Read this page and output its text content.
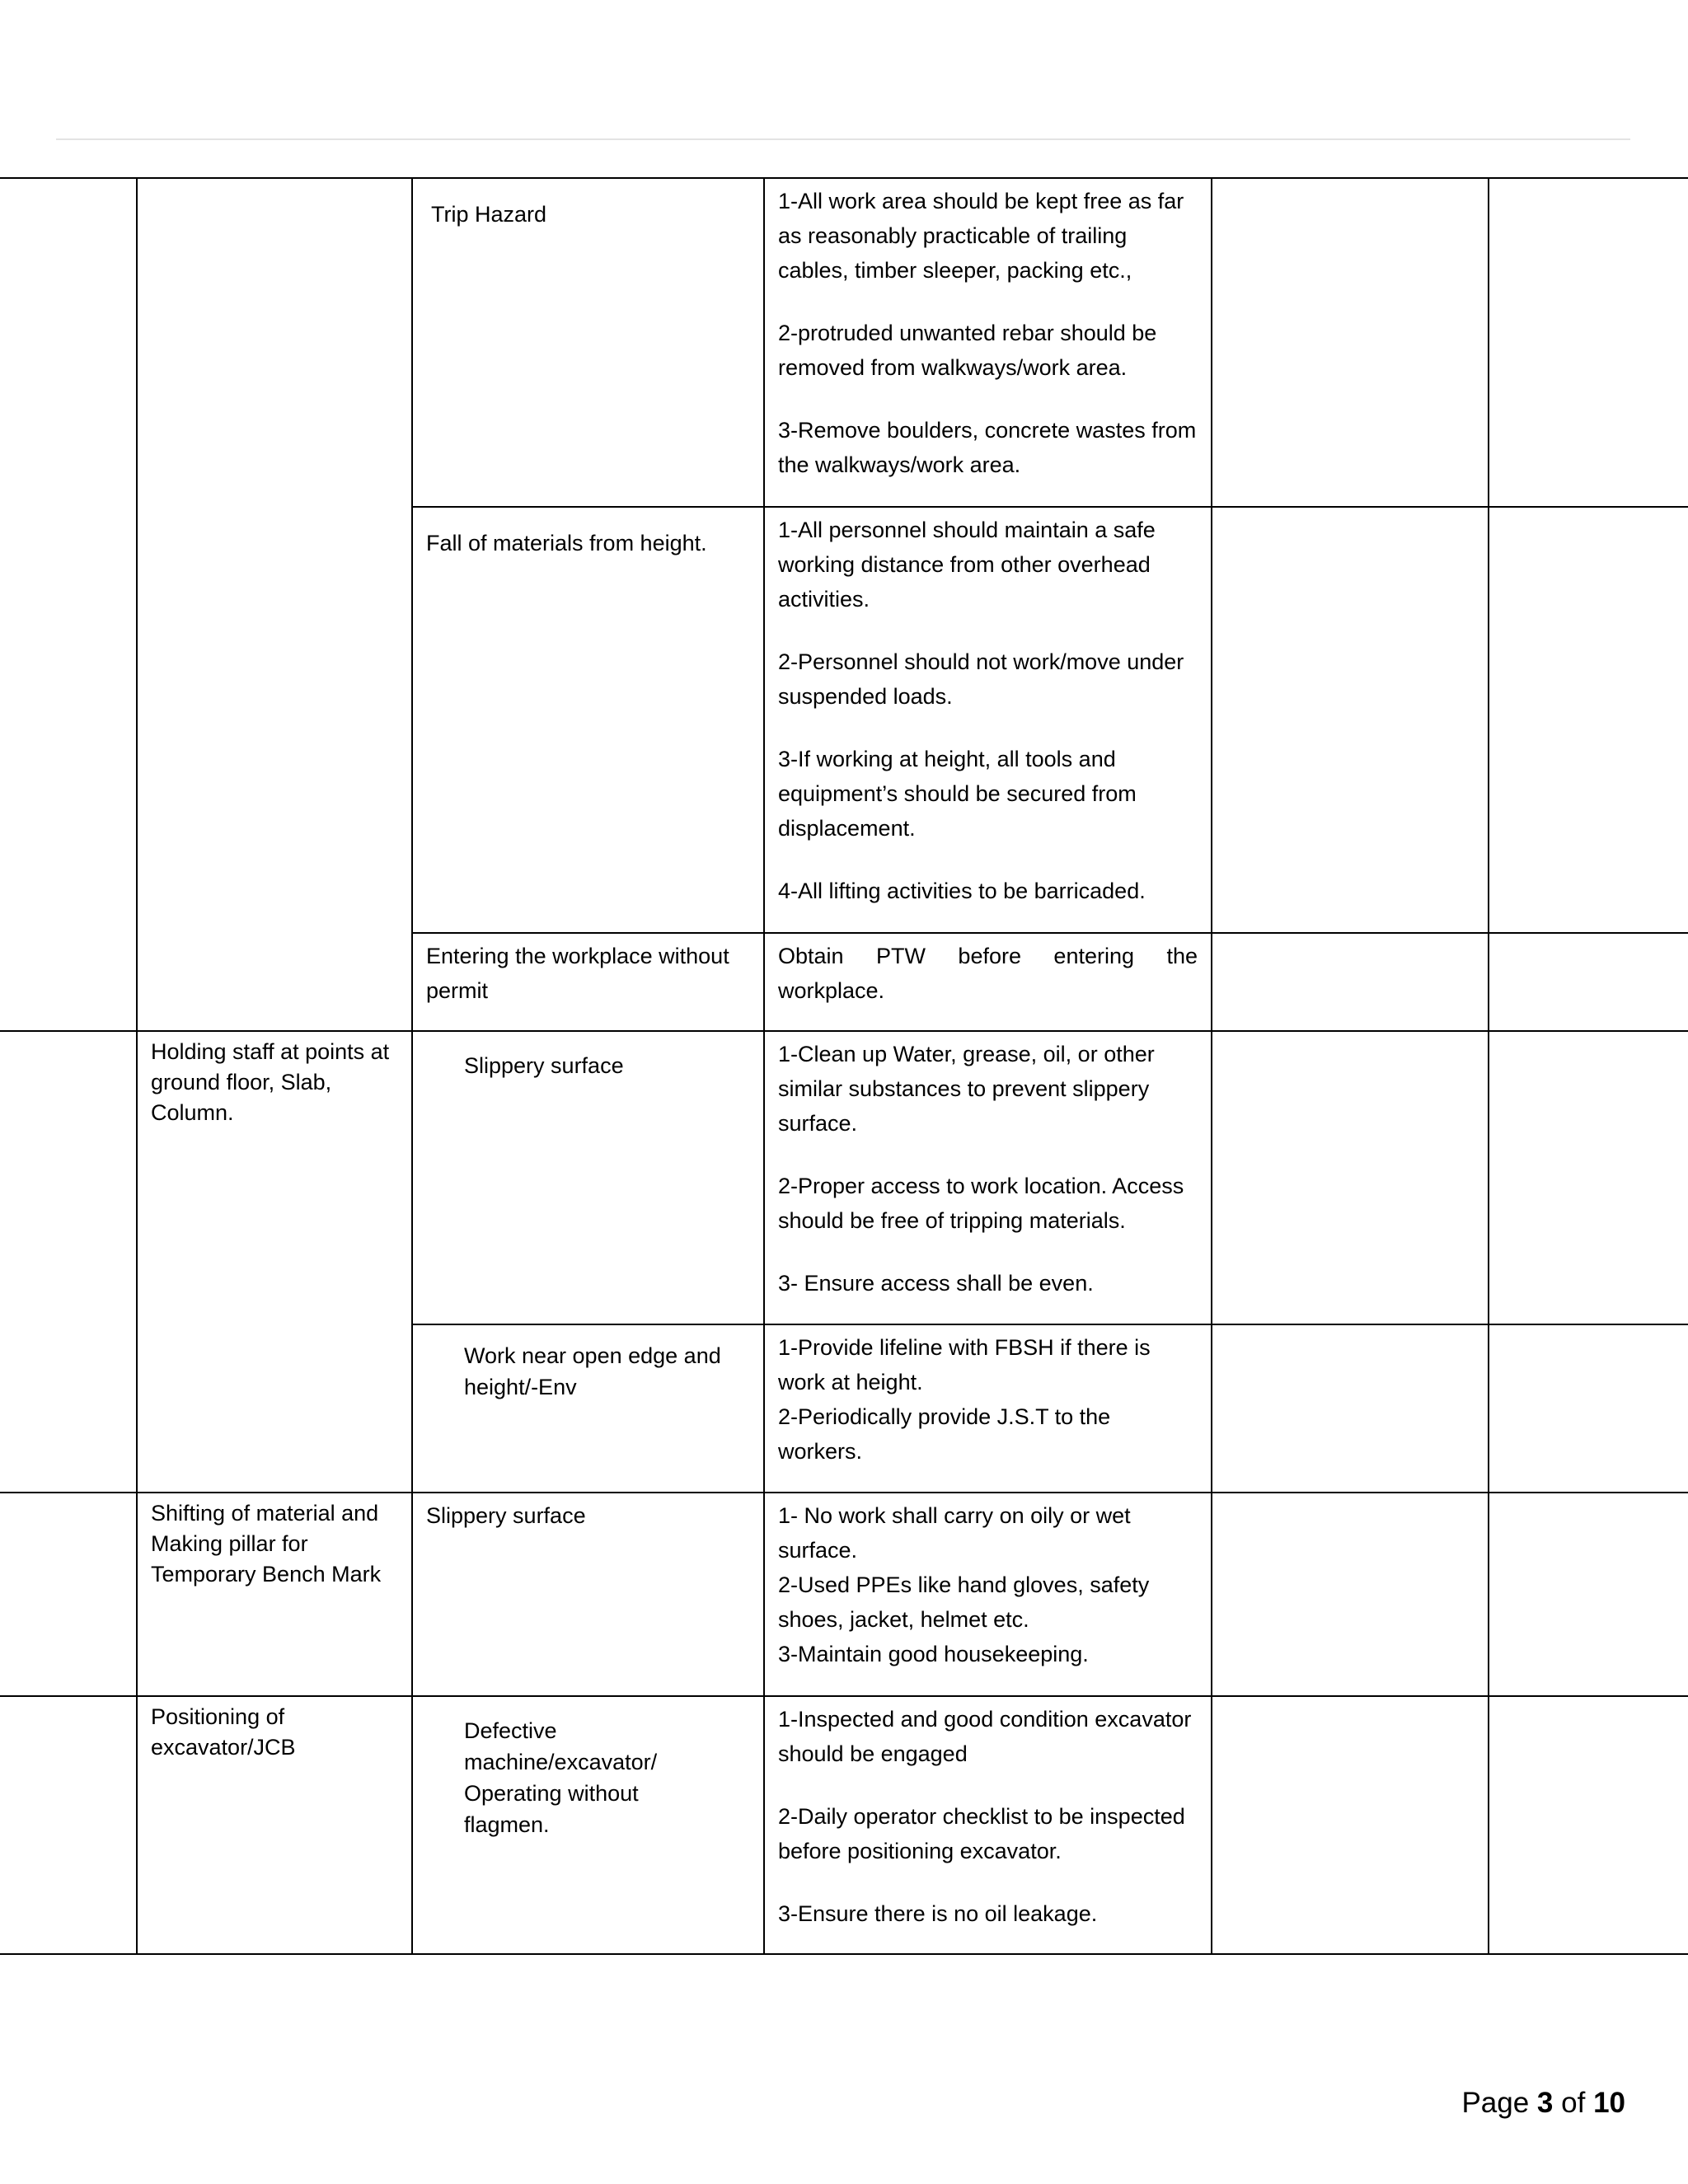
		Trip Hazard	1-All work area should be kept free as far as reasonably practicable of trailing cables, timber sleeper, packing etc.,

2-protruded unwanted rebar should be removed from walkways/work area.

3-Remove boulders, concrete wastes from the walkways/work area.		

		Fall of materials from height.	1-All personnel should maintain a safe working distance from other overhead activities.

2-Personnel should not work/move under suspended loads.

3-If working at height, all tools and equipment’s should be secured from displacement.

4-All lifting activities to be barricaded.		

		Entering the workplace without permit	Obtain PTW before entering the

workplace.		

	Holding staff at points at ground floor, Slab, Column.	Slippery surface	1-Clean up Water, grease, oil, or other similar substances to prevent slippery surface.

2-Proper access to work location. Access should be free of tripping materials.

3- Ensure access shall be even.		

		Work near open edge and height/-Env	1-Provide lifeline with FBSH if there is work at height.

2-Periodically provide J.S.T to the workers.		

	Shifting of material and Making pillar for Temporary Bench Mark	Slippery surface	1- No work shall carry on oily or wet surface.

2-Used PPEs like hand gloves, safety shoes, jacket, helmet etc.

3-Maintain good housekeeping.		

	Positioning of excavator/JCB	Defective machine/excavator/ Operating without flagmen.	1-Inspected and good condition excavator should be engaged

2-Daily operator checklist to be inspected before positioning excavator.

3-Ensure there is no oil leakage.		

Page 3 of 10
